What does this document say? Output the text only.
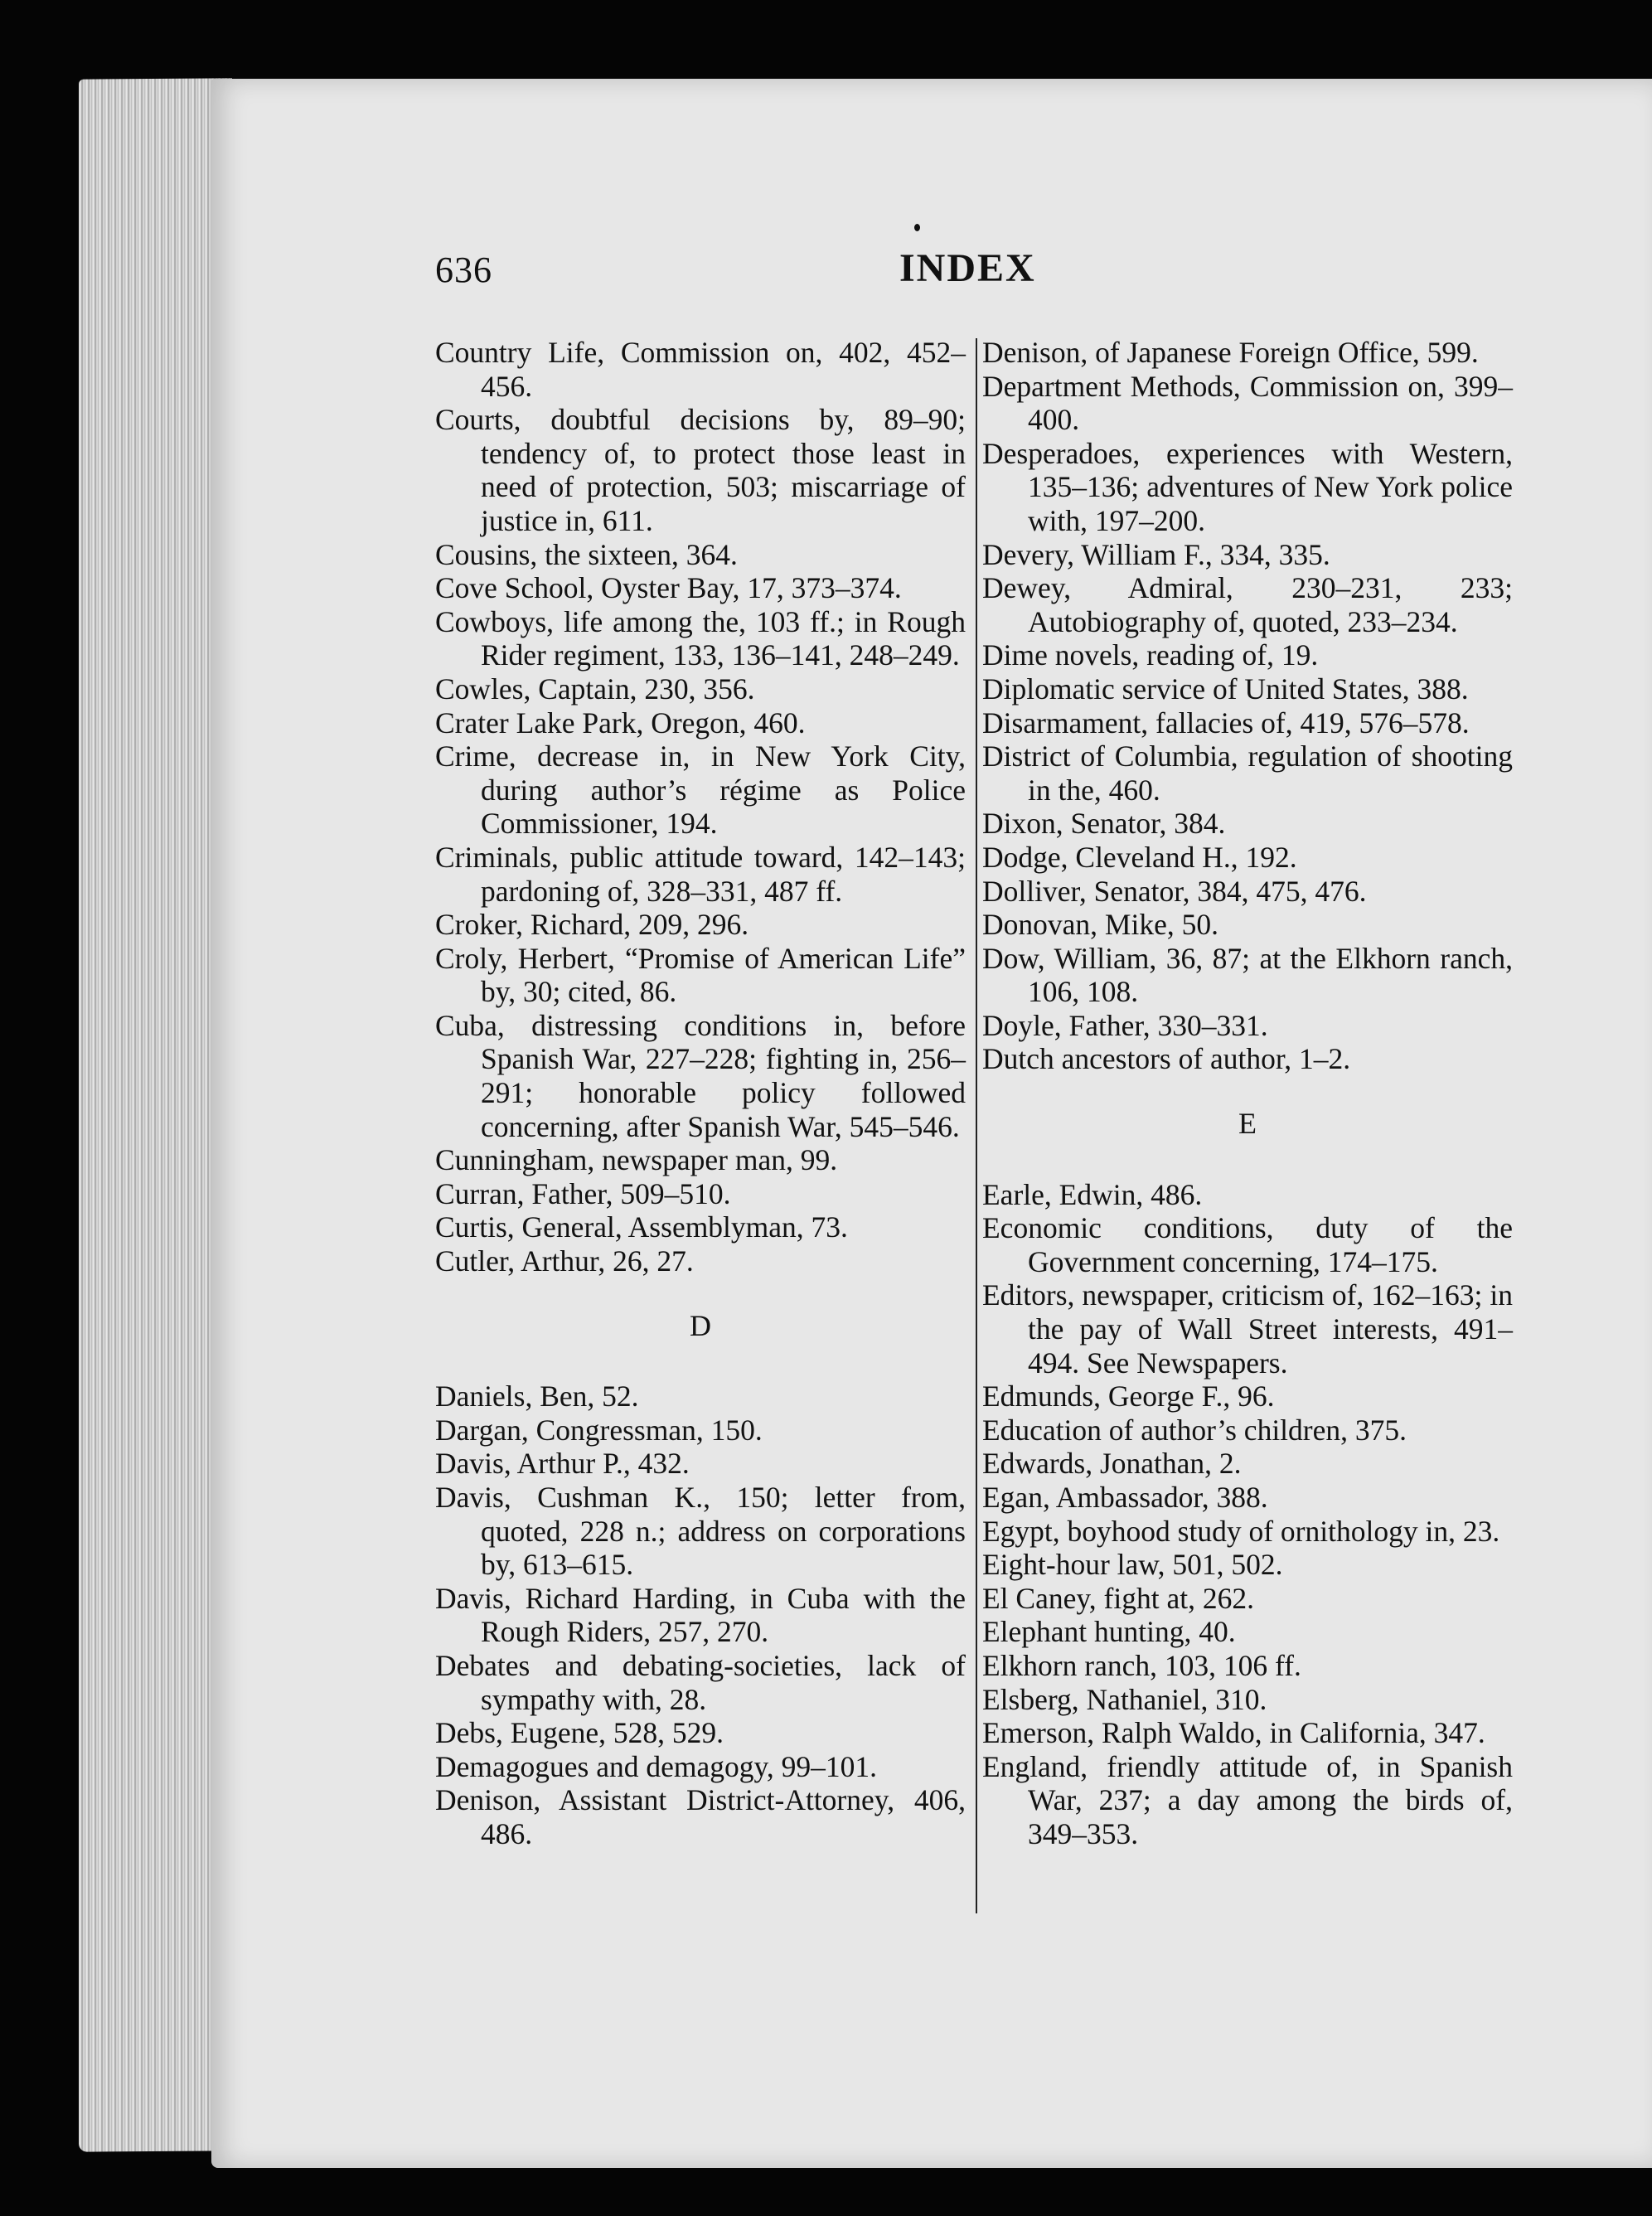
636	INDEX

Country Life, Commission on, 402, 452–456.

Courts, doubtful decisions by, 89–90; tendency of, to protect those least in need of protection, 503; miscarriage of justice in, 611.

Cousins, the sixteen, 364.

Cove School, Oyster Bay, 17, 373–374.

Cowboys, life among the, 103 ff.; in Rough Rider regiment, 133, 136–141, 248–249.

Cowles, Captain, 230, 356.

Crater Lake Park, Oregon, 460.

Crime, decrease in, in New York City, during author’s régime as Police Commissioner, 194.

Criminals, public attitude toward, 142–143; pardoning of, 328–331, 487 ff.

Croker, Richard, 209, 296.

Croly, Herbert, “Promise of American Life” by, 30; cited, 86.

Cuba, distressing conditions in, before Spanish War, 227–228; fighting in, 256–291; honorable policy followed concerning, after Spanish War, 545–546.

Cunningham, newspaper man, 99.

Curran, Father, 509–510.

Curtis, General, Assemblyman, 73.

Cutler, Arthur, 26, 27.

D

Daniels, Ben, 52.

Dargan, Congressman, 150.

Davis, Arthur P., 432.

Davis, Cushman K., 150; letter from, quoted, 228 n.; address on corporations by, 613–615.

Davis, Richard Harding, in Cuba with the Rough Riders, 257, 270.

Debates and debating-societies, lack of sympathy with, 28.

Debs, Eugene, 528, 529.

Demagogues and demagogy, 99–101.

Denison, Assistant District-Attorney, 406, 486.

Denison, of Japanese Foreign Office, 599.

Department Methods, Commission on, 399–400.

Desperadoes, experiences with Western, 135–136; adventures of New York police with, 197–200.

Devery, William F., 334, 335.

Dewey, Admiral, 230–231, 233; Autobiography of, quoted, 233–234.

Dime novels, reading of, 19.

Diplomatic service of United States, 388.

Disarmament, fallacies of, 419, 576–578.

District of Columbia, regulation of shooting in the, 460.

Dixon, Senator, 384.

Dodge, Cleveland H., 192.

Dolliver, Senator, 384, 475, 476.

Donovan, Mike, 50.

Dow, William, 36, 87; at the Elkhorn ranch, 106, 108.

Doyle, Father, 330–331.

Dutch ancestors of author, 1–2.

E

Earle, Edwin, 486.

Economic conditions, duty of the Government concerning, 174–175.

Editors, newspaper, criticism of, 162–163; in the pay of Wall Street interests, 491–494. See Newspapers.

Edmunds, George F., 96.

Education of author’s children, 375.

Edwards, Jonathan, 2.

Egan, Ambassador, 388.

Egypt, boyhood study of ornithology in, 23.

Eight-hour law, 501, 502.

El Caney, fight at, 262.

Elephant hunting, 40.

Elkhorn ranch, 103, 106 ff.

Elsberg, Nathaniel, 310.

Emerson, Ralph Waldo, in California, 347.

England, friendly attitude of, in Spanish War, 237; a day among the birds of, 349–353.
